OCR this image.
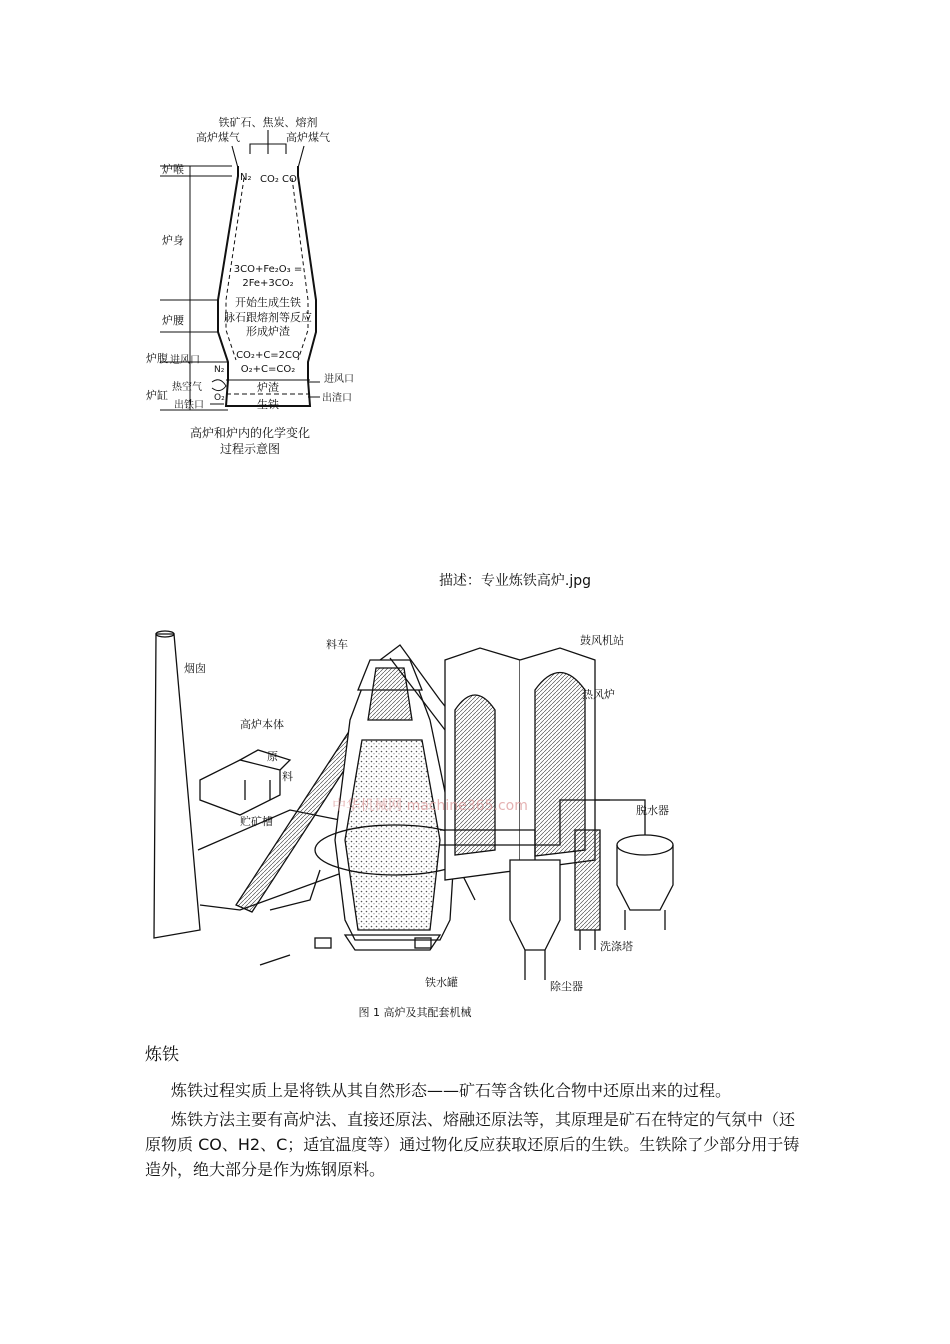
铁矿石、焦炭、熔剂
高炉煤气	高炉煤气
炉喉
炉身
炉腰
炉腹
炉缸
N₂ CO₂ CO
3CO+Fe₂O₃ =
2Fe+3CO₂
开始生成生铁
脉石跟熔剂等反应
形成炉渣
CO₂+C=2CO
O₂+C=CO₂
炉渣
生铁
进风口
N₂
热空气
O₂
出铁口
进风口
出渣口
高炉和炉内的化学变化
过程示意图
描述：专业炼铁高炉.jpg
中华机械网 machine365.com
烟囱
料车
高炉本体
原
料
贮矿槽
鼓风机站
热风炉
脱水器
洗涤塔
除尘器
铁水罐
图 1 高炉及其配套机械
炼铁
炼铁过程实质上是将铁从其自然形态——矿石等含铁化合物中还原出来的过程。
炼铁方法主要有高炉法、直接还原法、熔融还原法等，其原理是矿石在特定的气氛中（还原物质 CO、H2、C；适宜温度等）通过物化反应获取还原后的生铁。生铁除了少部分用于铸造外，绝大部分是作为炼钢原料。
